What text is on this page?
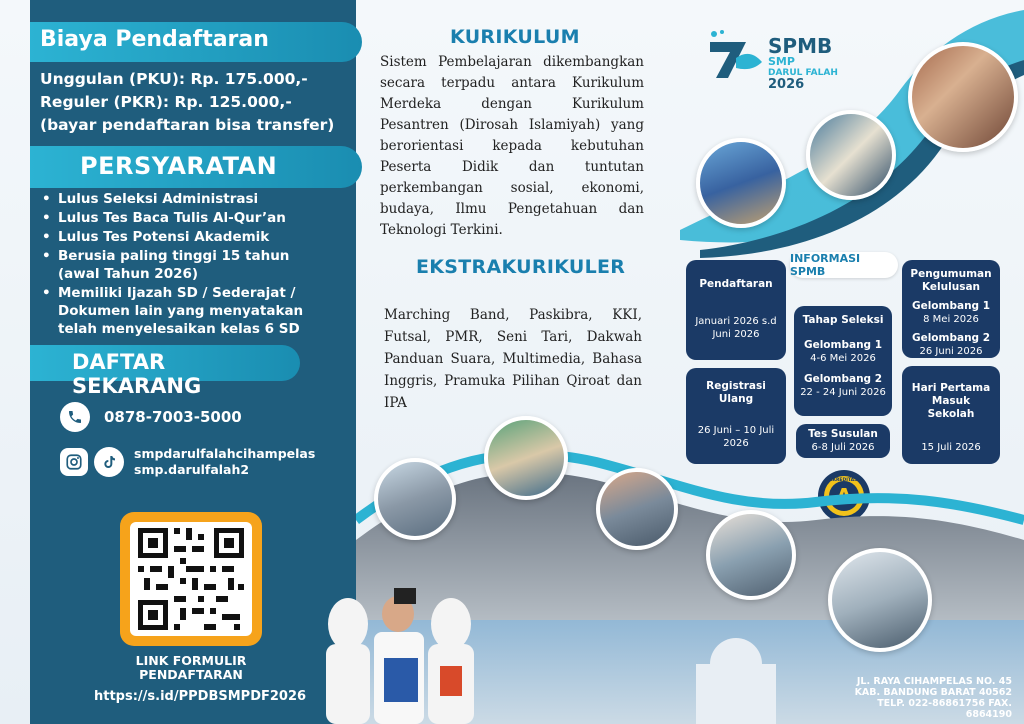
Biaya Pendaftaran
Unggulan (PKU): Rp. 175.000,-
Reguler (PKR): Rp. 125.000,-
(bayar pendaftaran bisa transfer)
PERSYARATAN
• Lulus Seleksi Administrasi
• Lulus Tes Baca Tulis Al-Qur’an
• Lulus Tes Potensi Akademik
• Berusia paling tinggi 15 tahun (awal Tahun 2026)
• Memiliki Ijazah SD / Sederajat / Dokumen lain yang menyatakan telah menyelesaikan kelas 6 SD
DAFTAR SEKARANG
0878-7003-5000
smpdarulfalahcihampelas
smp.darulfalah2
LINK FORMULIR PENDAFTARAN
https://s.id/PPDBSMPDF2026
KURIKULUM
Sistem Pembelajaran dikembangkan secara terpadu antara Kurikulum Merdeka dengan Kurikulum Pesantren (Dirosah Islamiyah) yang berorientasi kepada kebutuhan Peserta Didik dan tuntutan perkembangan sosial, ekonomi, budaya, Ilmu Pengetahuan dan Teknologi Terkini.
EKSTRAKURIKULER
Marching Band, Paskibra, KKI, Futsal, PMR, Seni Tari, Dakwah Panduan Suara, Multimedia, Bahasa Inggris, Pramuka Pilihan Qiroat dan IPA
SPMB
SMP
DARUL FALAH
2026
INFORMASI SPMB
Pendaftaran
Januari 2026 s.d Juni 2026
Registrasi Ulang
26 Juni – 10 Juli 2026
Tahap Seleksi
Gelombang 1
4-6 Mei 2026
Gelombang 2
22 - 24 Juni 2026
Tes Susulan
6-8 Juli 2026
Pengumuman Kelulusan
Gelombang 1
8 Mei 2026
Gelombang 2
26 Juni 2026
Hari Pertama Masuk Sekolah
15 Juli 2026
A
AKREDITASI
JL. RAYA CIHAMPELAS NO. 45
KAB. BANDUNG BARAT 40562
TELP. 022-86861756 FAX. 6864190
